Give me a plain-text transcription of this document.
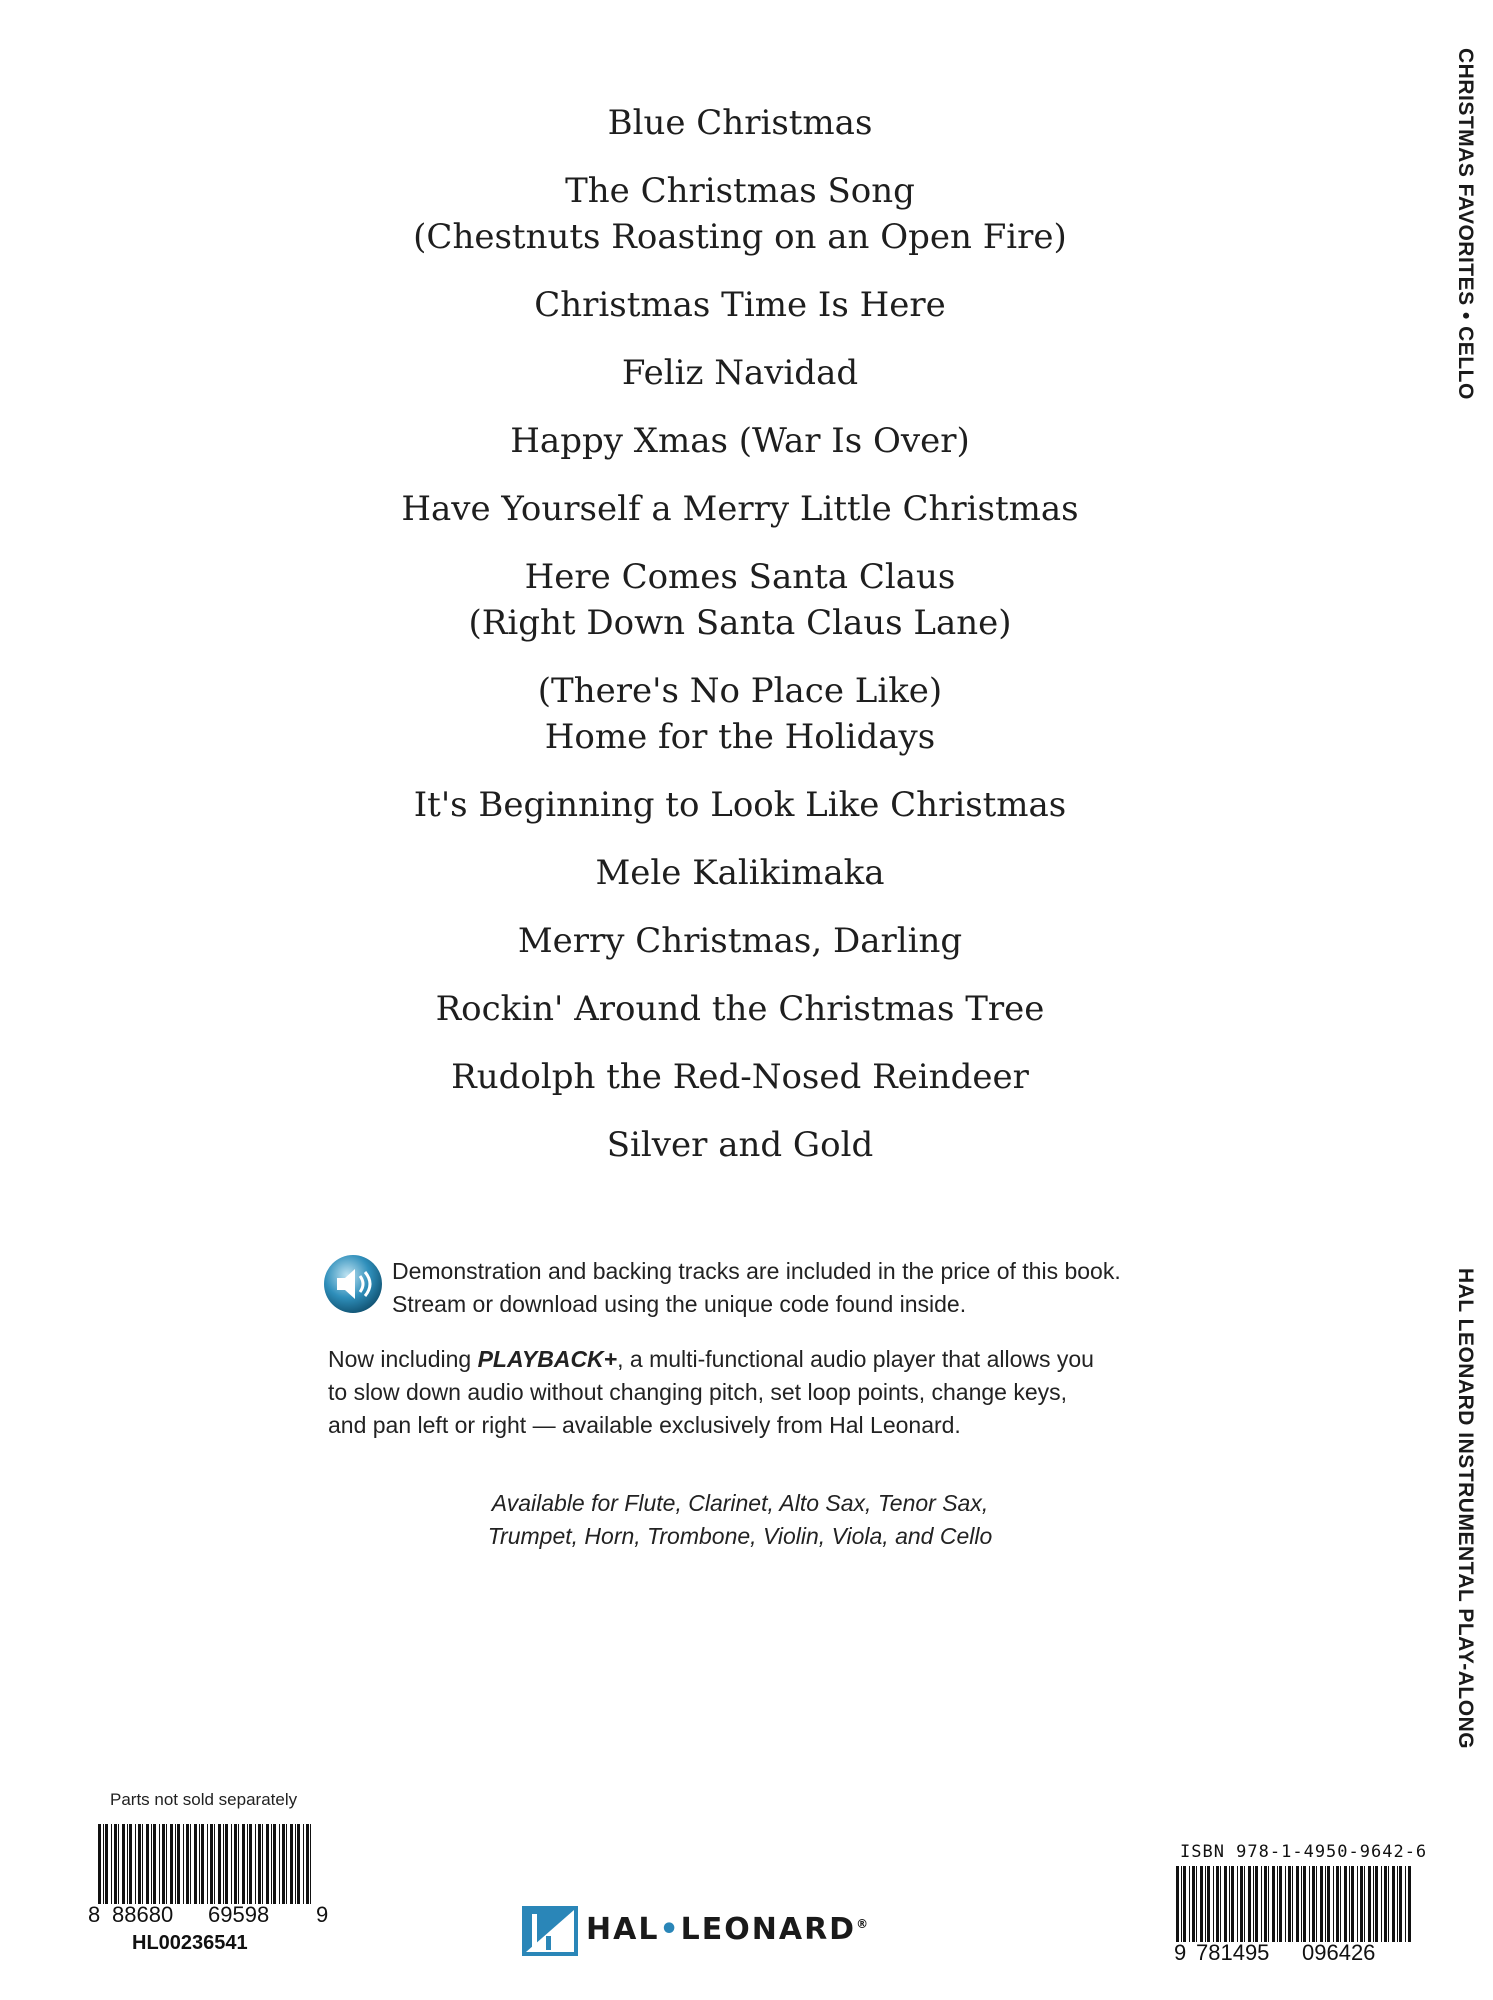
Blue Christmas
The Christmas Song
(Chestnuts Roasting on an Open Fire)
Christmas Time Is Here
Feliz Navidad
Happy Xmas (War Is Over)
Have Yourself a Merry Little Christmas
Here Comes Santa Claus
(Right Down Santa Claus Lane)
(There's No Place Like)
Home for the Holidays
It's Beginning to Look Like Christmas
Mele Kalikimaka
Merry Christmas, Darling
Rockin' Around the Christmas Tree
Rudolph the Red-Nosed Reindeer
Silver and Gold
CHRISTMAS FAVORITES • CELLO
HAL LEONARD INSTRUMENTAL PLAY-ALONG
Demonstration and backing tracks are included in the price of this book.
Stream or download using the unique code found inside.
Now including PLAYBACK+, a multi-functional audio player that allows you
to slow down audio without changing pitch, set loop points, change keys,
and pan left or right — available exclusively from Hal Leonard.
Available for Flute, Clarinet, Alto Sax, Tenor Sax,
Trumpet, Horn, Trombone, Violin, Viola, and Cello
Parts not sold separately
8 88680 69598 9
HL00236541	HAL•LEONARD®
ISBN 978-1-4950-9642-6
9 781495 096426
